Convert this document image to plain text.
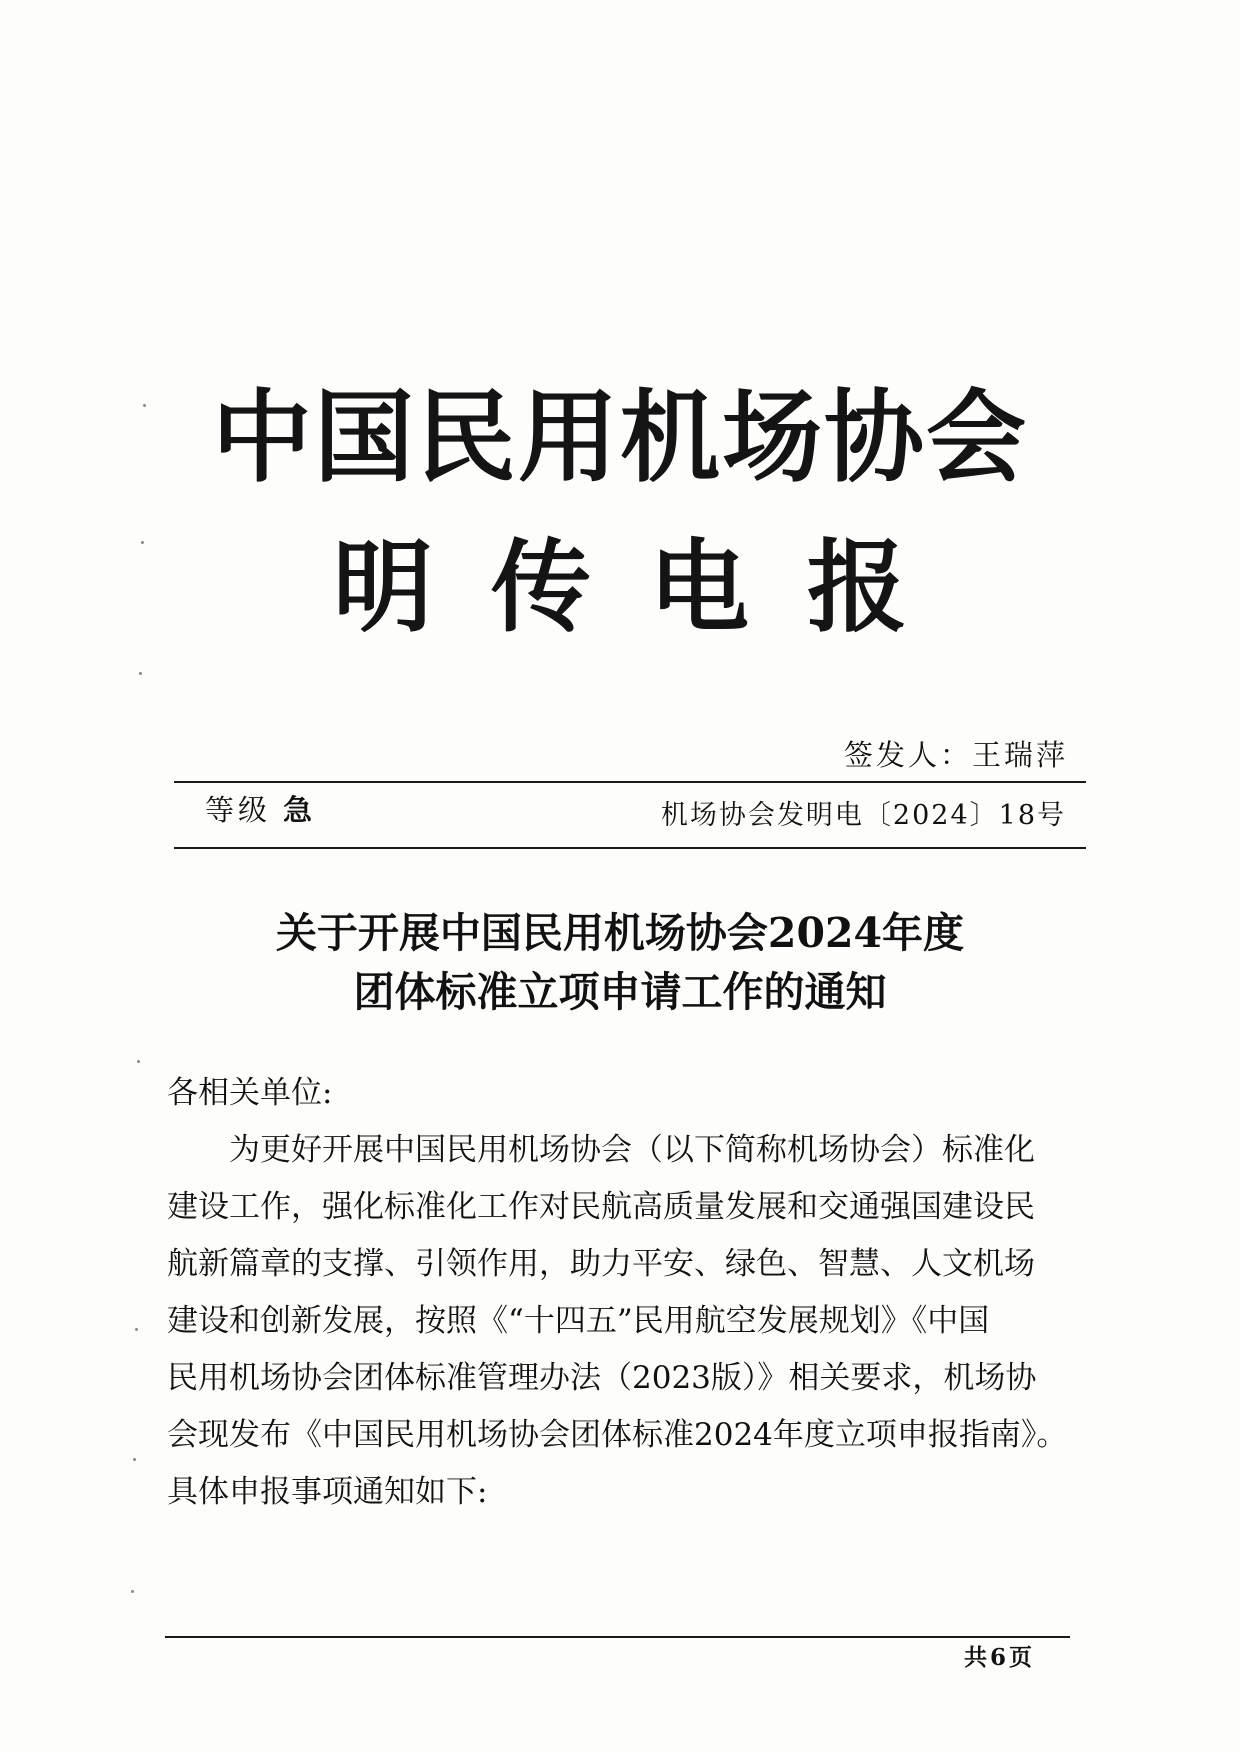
中国民用机场协会
明传电报
签发人：王瑞萍
等级 急	机场协会发明电〔2024〕18号
关于开展中国民用机场协会2024年度
团体标准立项申请工作的通知
各相关单位:
　　为更好开展中国民用机场协会（以下简称机场协会）标准化
建设工作，强化标准化工作对民航高质量发展和交通强国建设民
航新篇章的支撑、引领作用，助力平安、绿色、智慧、人文机场
建设和创新发展，按照《“十四五”民用航空发展规划》《中国
民用机场协会团体标准管理办法（2023版）》相关要求，机场协
会现发布《中国民用机场协会团体标准2024年度立项申报指南》。
具体申报事项通知如下:
共6页
